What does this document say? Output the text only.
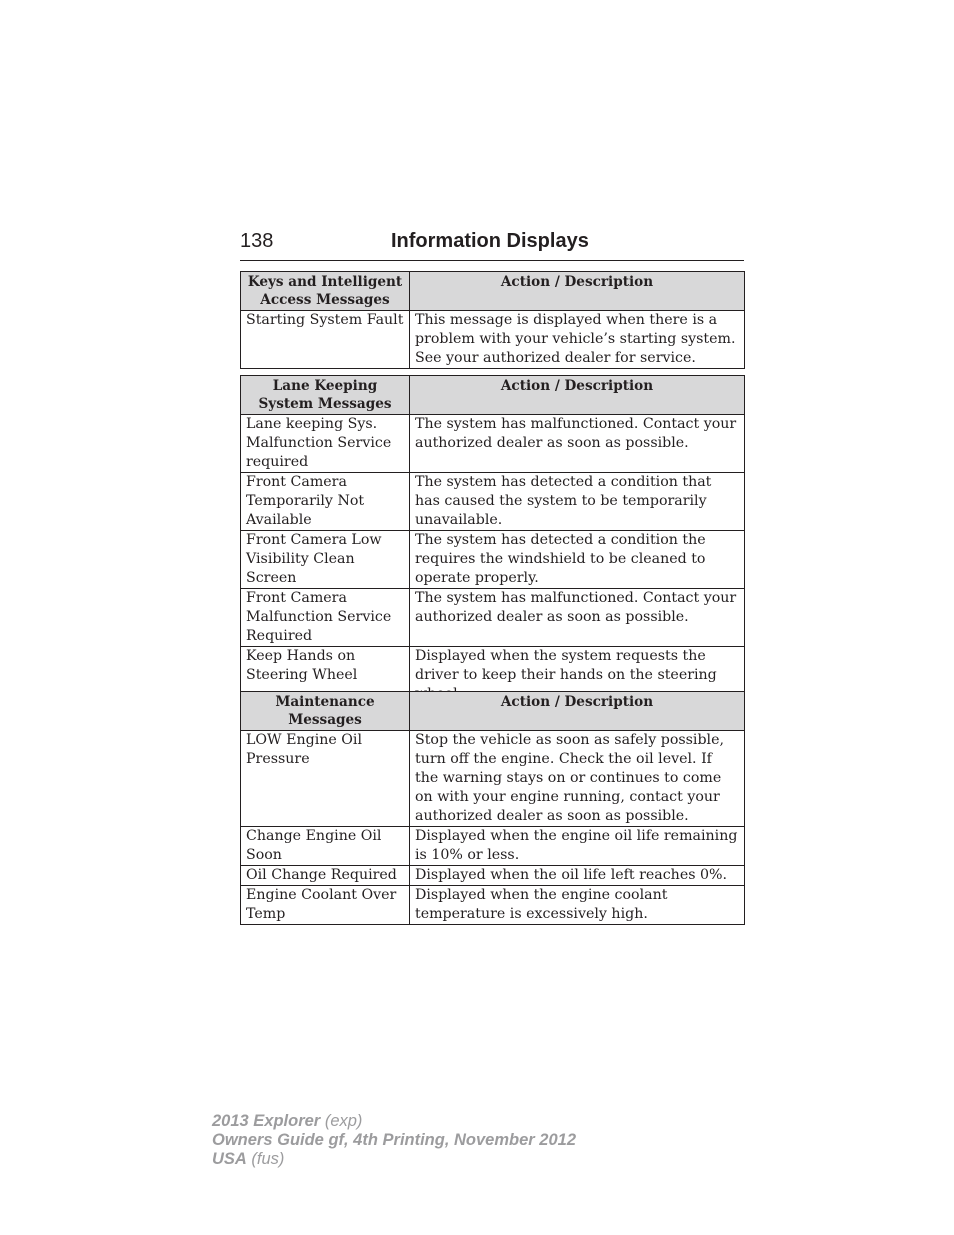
138	Information Displays
Keys and Intelligent Access Messages	Action / Description
Starting System Fault	This message is displayed when there is a problem with your vehicle’s starting system. See your authorized dealer for service.
Lane Keeping System Messages	Action / Description
Lane keeping Sys. Malfunction Service required	The system has malfunctioned. Contact your authorized dealer as soon as possible.
Front Camera Temporarily Not Available	The system has detected a condition that has caused the system to be temporarily unavailable.
Front Camera Low Visibility Clean Screen	The system has detected a condition the requires the windshield to be cleaned to operate properly.
Front Camera Malfunction Service Required	The system has malfunctioned. Contact your authorized dealer as soon as possible.
Keep Hands on Steering Wheel	Displayed when the system requests the driver to keep their hands on the steering
Maintenance Messages	Action / Description
LOW Engine Oil Pressure	Stop the vehicle as soon as safely possible, turn off the engine. Check the oil level. If the warning stays on or continues to come on with your engine running, contact your authorized dealer as soon as possible.
Change Engine Oil Soon	Displayed when the engine oil life remaining is 10% or less.
Oil Change Required	Displayed when the oil life left reaches 0%.
Engine Coolant Over Temp	Displayed when the engine coolant temperature is excessively high.
2013 Explorer (exp)
Owners Guide gf, 4th Printing, November 2012
USA (fus)
